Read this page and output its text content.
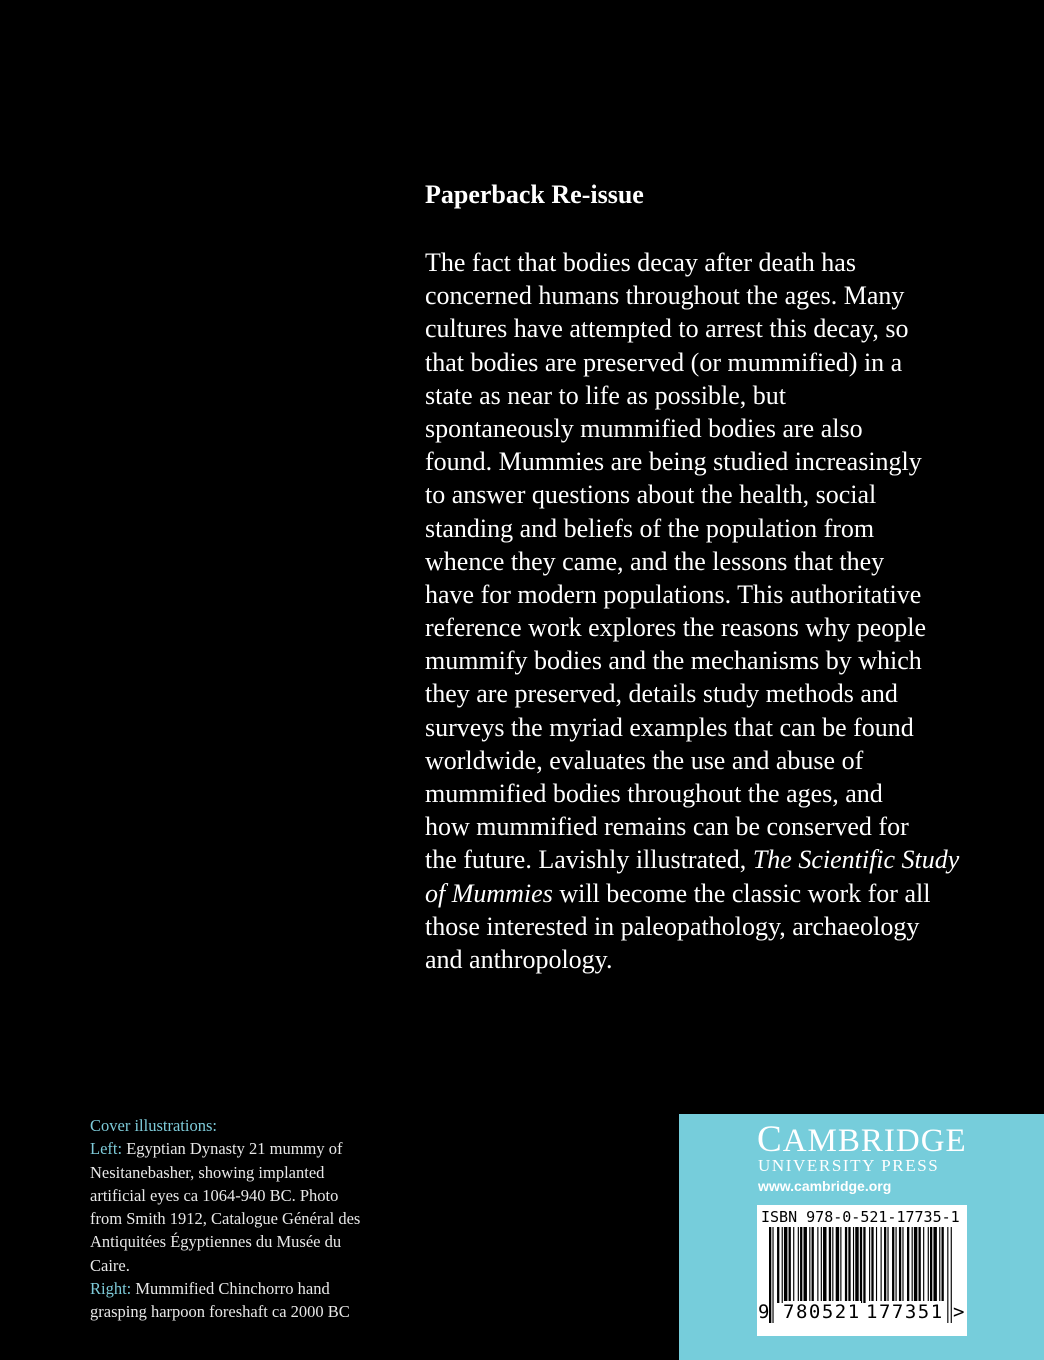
Paperback Re-issue
The fact that bodies decay after death has
concerned humans throughout the ages. Many
cultures have attempted to arrest this decay, so
that bodies are preserved (or mummified) in a
state as near to life as possible, but
spontaneously mummified bodies are also
found. Mummies are being studied increasingly
to answer questions about the health, social
standing and beliefs of the population from
whence they came, and the lessons that they
have for modern populations. This authoritative
reference work explores the reasons why people
mummify bodies and the mechanisms by which
they are preserved, details study methods and
surveys the myriad examples that can be found
worldwide, evaluates the use and abuse of
mummified bodies throughout the ages, and
how mummified remains can be conserved for
the future. Lavishly illustrated, The Scientific Study
of Mummies will become the classic work for all
those interested in paleopathology, archaeology
and anthropology.
Cover illustrations:
Left: Egyptian Dynasty 21 mummy of
Nesitanebasher, showing implanted
artificial eyes ca 1064-940 BC. Photo
from Smith 1912, Catalogue Général des
Antiquitées Égyptiennes du Musée du
Caire.
Right: Mummified Chinchorro hand
grasping harpoon foreshaft ca 2000 BC
CAMBRIDGE
UNIVERSITY PRESS
www.cambridge.org
ISBN 978-0-521-17735-1
9 780521 177351 >
